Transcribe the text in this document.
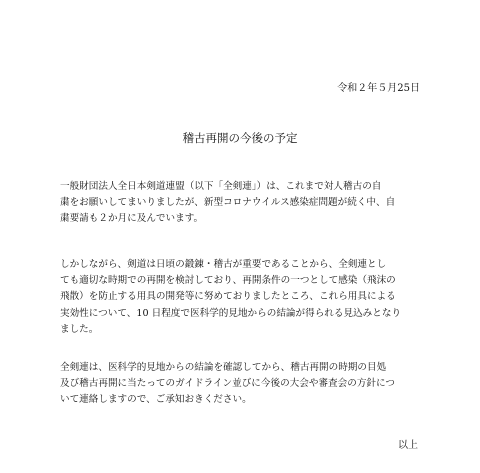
令和２年５月25日
稽古再開の今後の予定

一般財団法人全日本剣道連盟（以下「全剣連」）は、これまで対人稽古の自
粛をお願いしてまいりましたが、新型コロナウイルス感染症問題が続く中、自
粛要請も２か月に及んでいます。

しかしながら、剣道は日頃の鍛錬・稽古が重要であることから、全剣連とし
ても適切な時期での再開を検討しており、再開条件の一つとして感染（飛沫の
飛散）を防止する用具の開発等に努めておりましたところ、これら用具による
実効性について、10 日程度で医科学的見地からの結論が得られる見込みとなり
ました。

全剣連は、医科学的見地からの結論を確認してから、稽古再開の時期の目処
及び稽古再開に当たってのガイドライン並びに今後の大会や審査会の方針につ
いて連絡しますので、ご承知おきください。

以上
